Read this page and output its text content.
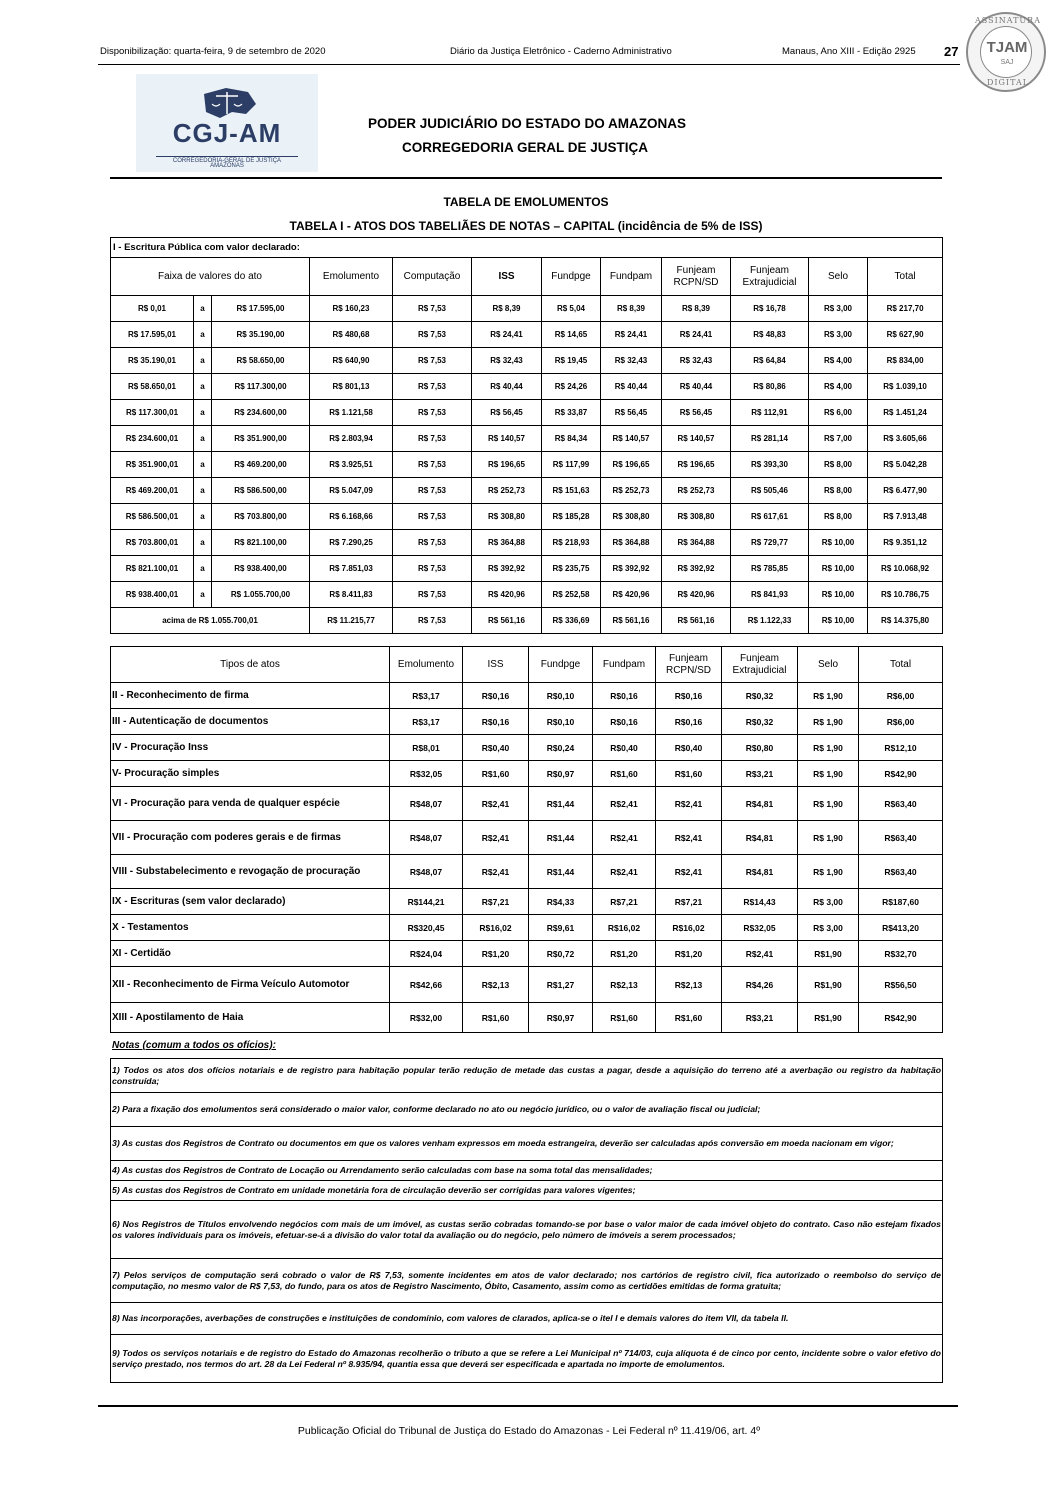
Disponibilização: quarta-feira, 9 de setembro de 2020	Diário da Justiça Eletrônico - Caderno Administrativo	Manaus, Ano XIII - Edição 2925 27
ASSINATURA
TJAM
SAJ
DIGITAL
CGJ-AM
CORREGEDORIA-GERAL DE JUSTIÇA
AMAZONAS
PODER JUDICIÁRIO DO ESTADO DO AMAZONAS
CORREGEDORIA GERAL DE JUSTIÇA
TABELA DE EMOLUMENTOS
TABELA I - ATOS DOS TABELIÃES DE NOTAS – CAPITAL (incidência de 5% de ISS)
I - Escritura Pública com valor declarado:											
Faixa de valores do ato			Emolumento	Computação	ISS	Fundpge	Fundpam	Funjeam RCPN/SD	Funjeam Extrajudicial	Selo	Total
R$ 0,01	a	R$ 17.595,00	R$ 160,23	R$ 7,53	R$ 8,39	R$ 5,04	R$ 8,39	R$ 8,39	R$ 16,78	R$ 3,00	R$ 217,70
R$ 17.595,01	a	R$ 35.190,00	R$ 480,68	R$ 7,53	R$ 24,41	R$ 14,65	R$ 24,41	R$ 24,41	R$ 48,83	R$ 3,00	R$ 627,90
R$ 35.190,01	a	R$ 58.650,00	R$ 640,90	R$ 7,53	R$ 32,43	R$ 19,45	R$ 32,43	R$ 32,43	R$ 64,84	R$ 4,00	R$ 834,00
R$ 58.650,01	a	R$ 117.300,00	R$ 801,13	R$ 7,53	R$ 40,44	R$ 24,26	R$ 40,44	R$ 40,44	R$ 80,86	R$ 4,00	R$ 1.039,10
R$ 117.300,01	a	R$ 234.600,00	R$ 1.121,58	R$ 7,53	R$ 56,45	R$ 33,87	R$ 56,45	R$ 56,45	R$ 112,91	R$ 6,00	R$ 1.451,24
R$ 234.600,01	a	R$ 351.900,00	R$ 2.803,94	R$ 7,53	R$ 140,57	R$ 84,34	R$ 140,57	R$ 140,57	R$ 281,14	R$ 7,00	R$ 3.605,66
R$ 351.900,01	a	R$ 469.200,00	R$ 3.925,51	R$ 7,53	R$ 196,65	R$ 117,99	R$ 196,65	R$ 196,65	R$ 393,30	R$ 8,00	R$ 5.042,28
R$ 469.200,01	a	R$ 586.500,00	R$ 5.047,09	R$ 7,53	R$ 252,73	R$ 151,63	R$ 252,73	R$ 252,73	R$ 505,46	R$ 8,00	R$ 6.477,90
R$ 586.500,01	a	R$ 703.800,00	R$ 6.168,66	R$ 7,53	R$ 308,80	R$ 185,28	R$ 308,80	R$ 308,80	R$ 617,61	R$ 8,00	R$ 7.913,48
R$ 703.800,01	a	R$ 821.100,00	R$ 7.290,25	R$ 7,53	R$ 364,88	R$ 218,93	R$ 364,88	R$ 364,88	R$ 729,77	R$ 10,00	R$ 9.351,12
R$ 821.100,01	a	R$ 938.400,00	R$ 7.851,03	R$ 7,53	R$ 392,92	R$ 235,75	R$ 392,92	R$ 392,92	R$ 785,85	R$ 10,00	R$ 10.068,92
R$ 938.400,01	a	R$ 1.055.700,00	R$ 8.411,83	R$ 7,53	R$ 420,96	R$ 252,58	R$ 420,96	R$ 420,96	R$ 841,93	R$ 10,00	R$ 10.786,75
acima de R$ 1.055.700,01			R$ 11.215,77	R$ 7,53	R$ 561,16	R$ 336,69	R$ 561,16	R$ 561,16	R$ 1.122,33	R$ 10,00	R$ 14.375,80
Tipos de atos	Emolumento	ISS	Fundpge	Fundpam	Funjeam RCPN/SD	Funjeam Extrajudicial	Selo	Total
II - Reconhecimento de firma	R$3,17	R$0,16	R$0,10	R$0,16	R$0,16	R$0,32	R$ 1,90	R$6,00
III - Autenticação de documentos	R$3,17	R$0,16	R$0,10	R$0,16	R$0,16	R$0,32	R$ 1,90	R$6,00
IV - Procuração Inss	R$8,01	R$0,40	R$0,24	R$0,40	R$0,40	R$0,80	R$ 1,90	R$12,10
V- Procuração simples	R$32,05	R$1,60	R$0,97	R$1,60	R$1,60	R$3,21	R$ 1,90	R$42,90
VI - Procuração para venda de qualquer espécie	R$48,07	R$2,41	R$1,44	R$2,41	R$2,41	R$4,81	R$ 1,90	R$63,40
VII - Procuração com poderes gerais e de firmas	R$48,07	R$2,41	R$1,44	R$2,41	R$2,41	R$4,81	R$ 1,90	R$63,40
VIII - Substabelecimento e revogação de procuração	R$48,07	R$2,41	R$1,44	R$2,41	R$2,41	R$4,81	R$ 1,90	R$63,40
IX - Escrituras (sem valor declarado)	R$144,21	R$7,21	R$4,33	R$7,21	R$7,21	R$14,43	R$ 3,00	R$187,60
X - Testamentos	R$320,45	R$16,02	R$9,61	R$16,02	R$16,02	R$32,05	R$ 3,00	R$413,20
XI - Certidão	R$24,04	R$1,20	R$0,72	R$1,20	R$1,20	R$2,41	R$1,90	R$32,70
XII - Reconhecimento de Firma Veículo Automotor	R$42,66	R$2,13	R$1,27	R$2,13	R$2,13	R$4,26	R$1,90	R$56,50
XIII - Apostilamento de Haia	R$32,00	R$1,60	R$0,97	R$1,60	R$1,60	R$3,21	R$1,90	R$42,90
Notas (comum a todos os ofícios):
1) Todos os atos dos ofícios notariais e de registro para habitação popular terão redução de metade das custas a pagar, desde a aquisição do terreno até a averbação ou registro da habitação construída;
2) Para a fixação dos emolumentos será considerado o maior valor, conforme declarado no ato ou negócio jurídico, ou o valor de avaliação fiscal ou judicial;
3) As custas dos Registros de Contrato ou documentos em que os valores venham expressos em moeda estrangeira, deverão ser calculadas após conversão em moeda nacionam em vigor;
4) As custas dos Registros de Contrato de Locação ou Arrendamento serão calculadas com base na soma total das mensalidades;
5) As custas dos Registros de Contrato em unidade monetária fora de circulação deverão ser corrigidas para valores vigentes;
6) Nos Registros de Títulos envolvendo negócios com mais de um imóvel, as custas serão cobradas tomando-se por base o valor maior de cada imóvel objeto do contrato. Caso não estejam fixados os valores individuais para os imóveis, efetuar-se-á a divisão do valor total da avaliação ou do negócio, pelo número de imóveis a serem processados;
7) Pelos serviços de computação será cobrado o valor de R$ 7,53, somente incidentes em atos de valor declarado; nos cartórios de registro civil, fica autorizado o reembolso do serviço de computação, no mesmo valor de R$ 7,53, do fundo, para os atos de Registro Nascimento, Óbito, Casamento, assim como as certidões emitidas de forma gratuita;
8) Nas incorporações, averbações de construções e instituições de condomínio, com valores de clarados, aplica-se o itel I e demais valores do item VII, da tabela II.
9) Todos os serviços notariais e de registro do Estado do Amazonas recolherão o tributo a que se refere a Lei Municipal nº 714/03, cuja alíquota é de cinco por cento, incidente sobre o valor efetivo do serviço prestado, nos termos do art. 28 da Lei Federal nº 8.935/94, quantia essa que deverá ser especificada e apartada no importe de emolumentos.
Publicação Oficial do Tribunal de Justiça do Estado do Amazonas - Lei Federal nº 11.419/06, art. 4º
